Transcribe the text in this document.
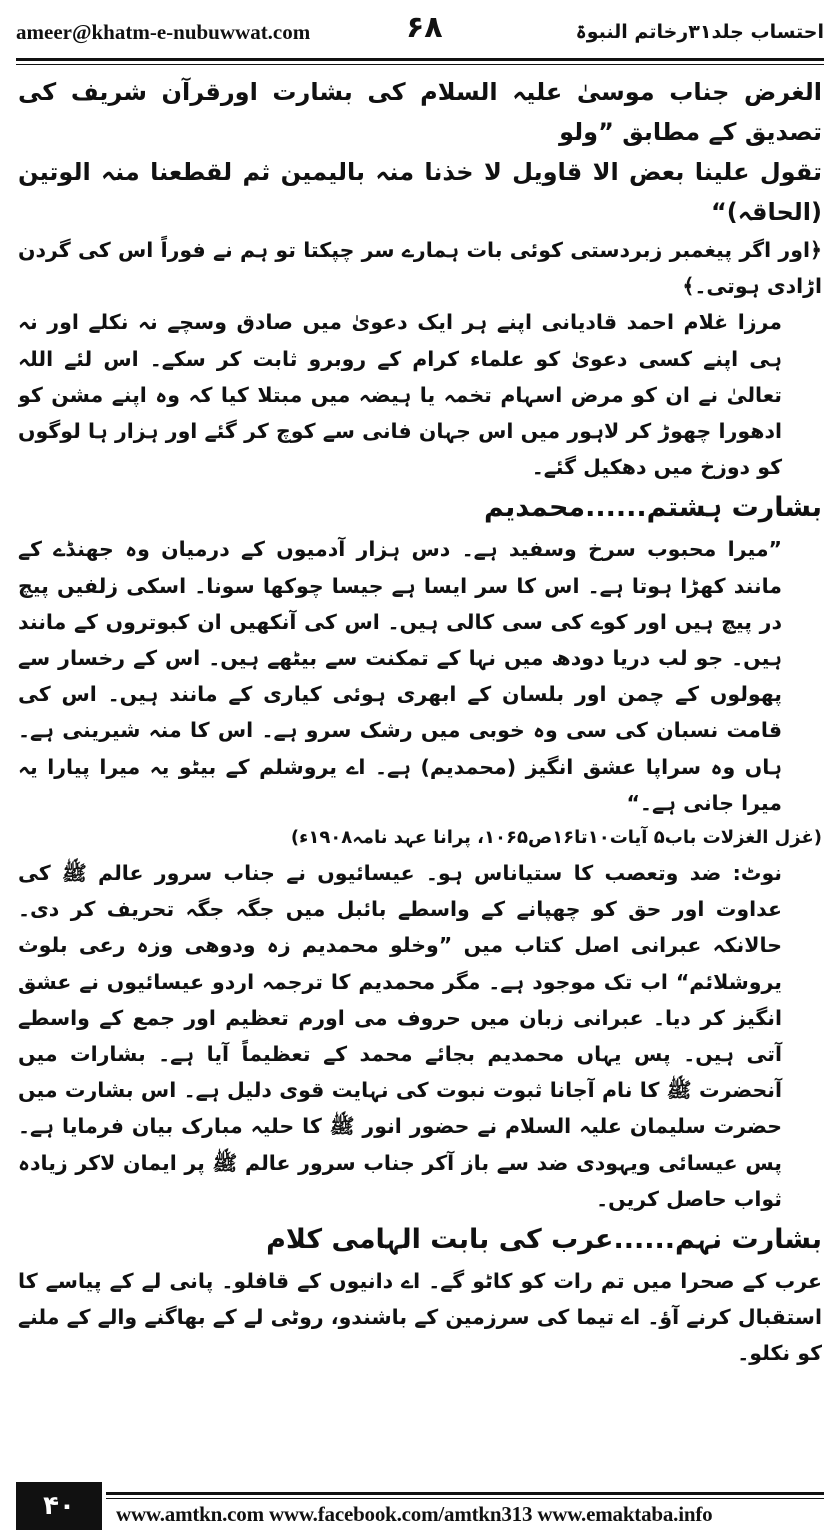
ameer@khatm-e-nubuwwat.com	۶۸	احتساب جلد۳۱رخاتم النبوۃ

الغرض جناب موسیٰ علیہ السلام کی بشارت اورقرآن شریف کی تصدیق کے مطابق ”ولو

تقول علینا بعض الا قاویل لا خذنا منہ بالیمین ثم لقطعنا منہ الوتین (الحاقہ)“

﴿اور اگر پیغمبر زبردستی کوئی بات ہمارے سر چپکتا تو ہم نے فوراً اس کی گردن اڑادی ہوتی۔﴾

مرزا غلام احمد قادیانی اپنے ہر ایک دعویٰ میں صادق وسچے نہ نکلے اور نہ ہی اپنے کسی دعویٰ کو علماء کرام کے روبرو ثابت کر سکے۔ اس لئے اللہ تعالیٰ نے ان کو مرض اسہام تخمہ یا ہیضہ میں مبتلا کیا کہ وہ اپنے مشن کو ادھورا چھوڑ کر لاہور میں اس جہان فانی سے کوچ کر گئے اور ہزار ہا لوگوں کو دوزخ میں دھکیل گئے۔

بشارت ہشتم......محمدیم

”میرا محبوب سرخ وسفید ہے۔ دس ہزار آدمیوں کے درمیان وہ جھنڈے کے مانند کھڑا ہوتا ہے۔ اس کا سر ایسا ہے جیسا چوکھا سونا۔ اسکی زلفیں پیچ در پیچ ہیں اور کوے کی سی کالی ہیں۔ اس کی آنکھیں ان کبوتروں کے مانند ہیں۔ جو لب دریا دودھ میں نہا کے تمکنت سے بیٹھے ہیں۔ اس کے رخسار سے پھولوں کے چمن اور بلسان کے ابھری ہوئی کیاری کے مانند ہیں۔ اس کی قامت نسبان کی سی وہ خوبی میں رشک سرو ہے۔ اس کا منہ شیرینی ہے۔ ہاں وہ سراپا عشق انگیز (محمدیم) ہے۔ اے یروشلم کے بیٹو یہ میرا پیارا یہ میرا جانی ہے۔“

(غزل الغزلات باب۵ آیات۱۰تا۱۶ص۱۰۶۵، پرانا عہد نامہ۱۹۰۸ء)

نوٹ: ضد وتعصب کا ستیاناس ہو۔ عیسائیوں نے جناب سرور عالم ﷺ کی عداوت اور حق کو چھپانے کے واسطے بائبل میں جگہ جگہ تحریف کر دی۔ حالانکہ عبرانی اصل کتاب میں ”وخلو محمدیم زہ ودوھی وزہ رعی بلوث یروشلائم“ اب تک موجود ہے۔ مگر محمدیم کا ترجمہ اردو عیسائیوں نے عشق انگیز کر دیا۔ عبرانی زبان میں حروف می اورم تعظیم اور جمع کے واسطے آتی ہیں۔ پس یہاں محمدیم بجائے محمد کے تعظیماً آیا ہے۔ بشارات میں آنحضرت ﷺ کا نام آجانا ثبوت نبوت کی نہایت قوی دلیل ہے۔ اس بشارت میں حضرت سلیمان علیہ السلام نے حضور انور ﷺ کا حلیہ مبارک بیان فرمایا ہے۔ پس عیسائی ویہودی ضد سے باز آکر جناب سرور عالم ﷺ پر ایمان لاکر زیادہ ثواب حاصل کریں۔

بشارت نہم......عرب کی بابت الہامی کلام

عرب کے صحرا میں تم رات کو کاٹو گے۔ اے دانیوں کے قافلو۔ پانی لے کے پیاسے کا استقبال کرنے آؤ۔ اے تیما کی سرزمین کے باشندو، روٹی لے کے بھاگنے والے کے ملنے کو نکلو۔

۴۰	www.amtkn.com www.facebook.com/amtkn313 www.emaktaba.info
